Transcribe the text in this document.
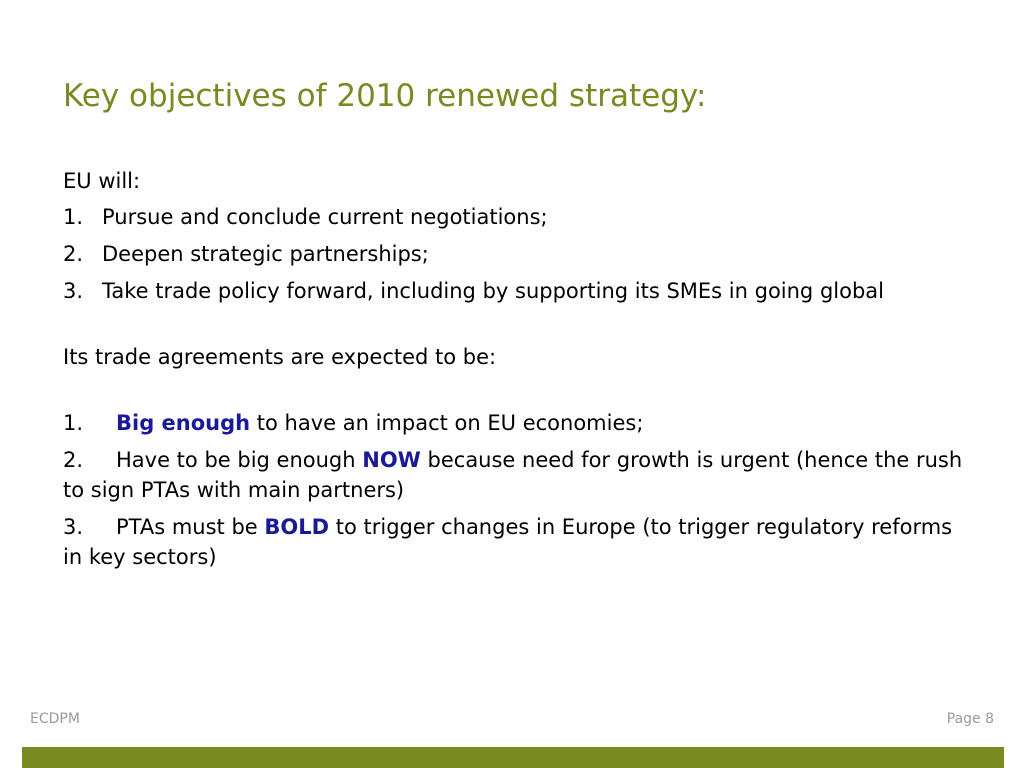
Key objectives of 2010 renewed strategy:

EU will:

1. Pursue and conclude current negotiations;
2. Deepen strategic partnerships;
3. Take trade policy forward, including by supporting its SMEs in going global

Its trade agreements are expected to be:

1. Big enough to have an impact on EU economies;
2. Have to be big enough NOW because need for growth is urgent (hence the rush to sign PTAs with main partners)
3. PTAs must be BOLD to trigger changes in Europe (to trigger regulatory reforms in key sectors)
ECDPM	Page 8
